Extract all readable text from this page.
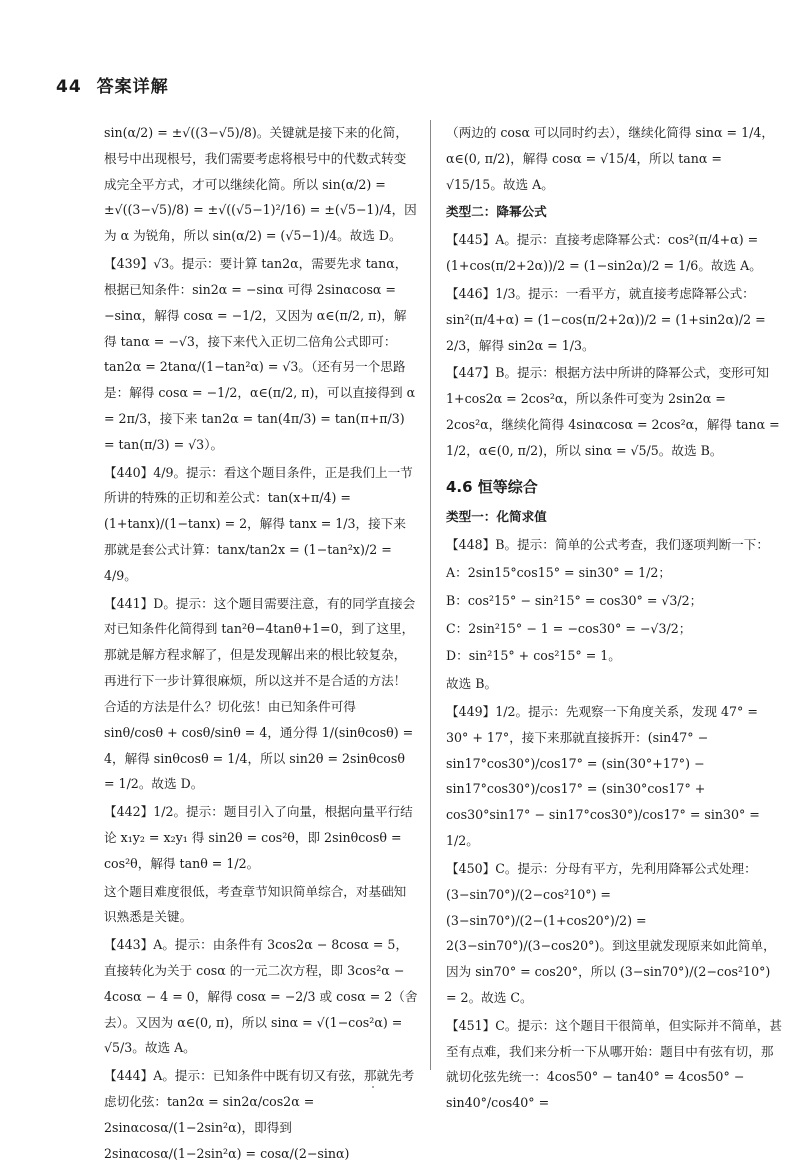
44 答案详解

sin(α/2) = ±√((3−√5)/8)。关键就是接下来的化简，根号中出现根号，我们需要考虑将根号中的代数式转变成完全平方式，才可以继续化简。所以 sin(α/2) = ±√((3−√5)/8) = ±√((√5−1)²/16) = ±(√5−1)/4，因为 α 为锐角，所以 sin(α/2) = (√5−1)/4。故选 D。

【439】√3。提示：要计算 tan2α，需要先求 tanα，根据已知条件：sin2α = −sinα 可得 2sinαcosα = −sinα，解得 cosα = −1/2，又因为 α∈(π/2, π)，解得 tanα = −√3，接下来代入正切二倍角公式即可：tan2α = 2tanα/(1−tan²α) = √3。（还有另一个思路是：解得 cosα = −1/2，α∈(π/2, π)，可以直接得到 α = 2π/3，接下来 tan2α = tan(4π/3) = tan(π+π/3) = tan(π/3) = √3）。

【440】4/9。提示：看这个题目条件，正是我们上一节所讲的特殊的正切和差公式：tan(x+π/4) = (1+tanx)/(1−tanx) = 2，解得 tanx = 1/3，接下来那就是套公式计算：tanx/tan2x = (1−tan²x)/2 = 4/9。

【441】D。提示：这个题目需要注意，有的同学直接会对已知条件化简得到 tan²θ−4tanθ+1=0，到了这里，那就是解方程求解了，但是发现解出来的根比较复杂，再进行下一步计算很麻烦，所以这并不是合适的方法！合适的方法是什么？切化弦！由已知条件可得 sinθ/cosθ + cosθ/sinθ = 4，通分得 1/(sinθcosθ) = 4，解得 sinθcosθ = 1/4，所以 sin2θ = 2sinθcosθ = 1/2。故选 D。

【442】1/2。提示：题目引入了向量，根据向量平行结论 x₁y₂ = x₂y₁ 得 sin2θ = cos²θ，即 2sinθcosθ = cos²θ，解得 tanθ = 1/2。

这个题目难度很低，考查章节知识简单综合，对基础知识熟悉是关键。

【443】A。提示：由条件有 3cos2α − 8cosα = 5，直接转化为关于 cosα 的一元二次方程，即 3cos²α − 4cosα − 4 = 0，解得 cosα = −2/3 或 cosα = 2（舍去）。又因为 α∈(0, π)，所以 sinα = √(1−cos²α) = √5/3。故选 A。

【444】A。提示：已知条件中既有切又有弦，那就先考虑切化弦：tan2α = sin2α/cos2α = 2sinαcosα/(1−2sin²α)，即得到 2sinαcosα/(1−2sin²α) = cosα/(2−sinα)

（两边的 cosα 可以同时约去），继续化简得 sinα = 1/4，α∈(0, π/2)，解得 cosα = √15/4，所以 tanα = √15/15。故选 A。

类型二：降幂公式

【445】A。提示：直接考虑降幂公式：cos²(π/4+α) = (1+cos(π/2+2α))/2 = (1−sin2α)/2 = 1/6。故选 A。

【446】1/3。提示：一看平方，就直接考虑降幂公式：sin²(π/4+α) = (1−cos(π/2+2α))/2 = (1+sin2α)/2 = 2/3，解得 sin2α = 1/3。

【447】B。提示：根据方法中所讲的降幂公式，变形可知 1+cos2α = 2cos²α，所以条件可变为 2sin2α = 2cos²α，继续化简得 4sinαcosα = 2cos²α，解得 tanα = 1/2，α∈(0, π/2)，所以 sinα = √5/5。故选 B。

4.6 恒等综合

类型一：化简求值

【448】B。提示：简单的公式考查，我们逐项判断一下：

A：2sin15°cos15° = sin30° = 1/2；

B：cos²15° − sin²15° = cos30° = √3/2；

C：2sin²15° − 1 = −cos30° = −√3/2；

D：sin²15° + cos²15° = 1。

故选 B。

【449】1/2。提示：先观察一下角度关系，发现 47° = 30° + 17°，接下来那就直接拆开：(sin47° − sin17°cos30°)/cos17° = (sin(30°+17°) − sin17°cos30°)/cos17° = (sin30°cos17° + cos30°sin17° − sin17°cos30°)/cos17° = sin30° = 1/2。

【450】C。提示：分母有平方，先利用降幂公式处理：(3−sin70°)/(2−cos²10°) = (3−sin70°)/(2−(1+cos20°)/2) = 2(3−sin70°)/(3−cos20°)。到这里就发现原来如此简单，因为 sin70° = cos20°，所以 (3−sin70°)/(2−cos²10°) = 2。故选 C。

【451】C。提示：这个题目干很简单，但实际并不简单，甚至有点难，我们来分析一下从哪开始：题目中有弦有切，那就切化弦先统一：4cos50° − tan40° = 4cos50° − sin40°/cos40° =
